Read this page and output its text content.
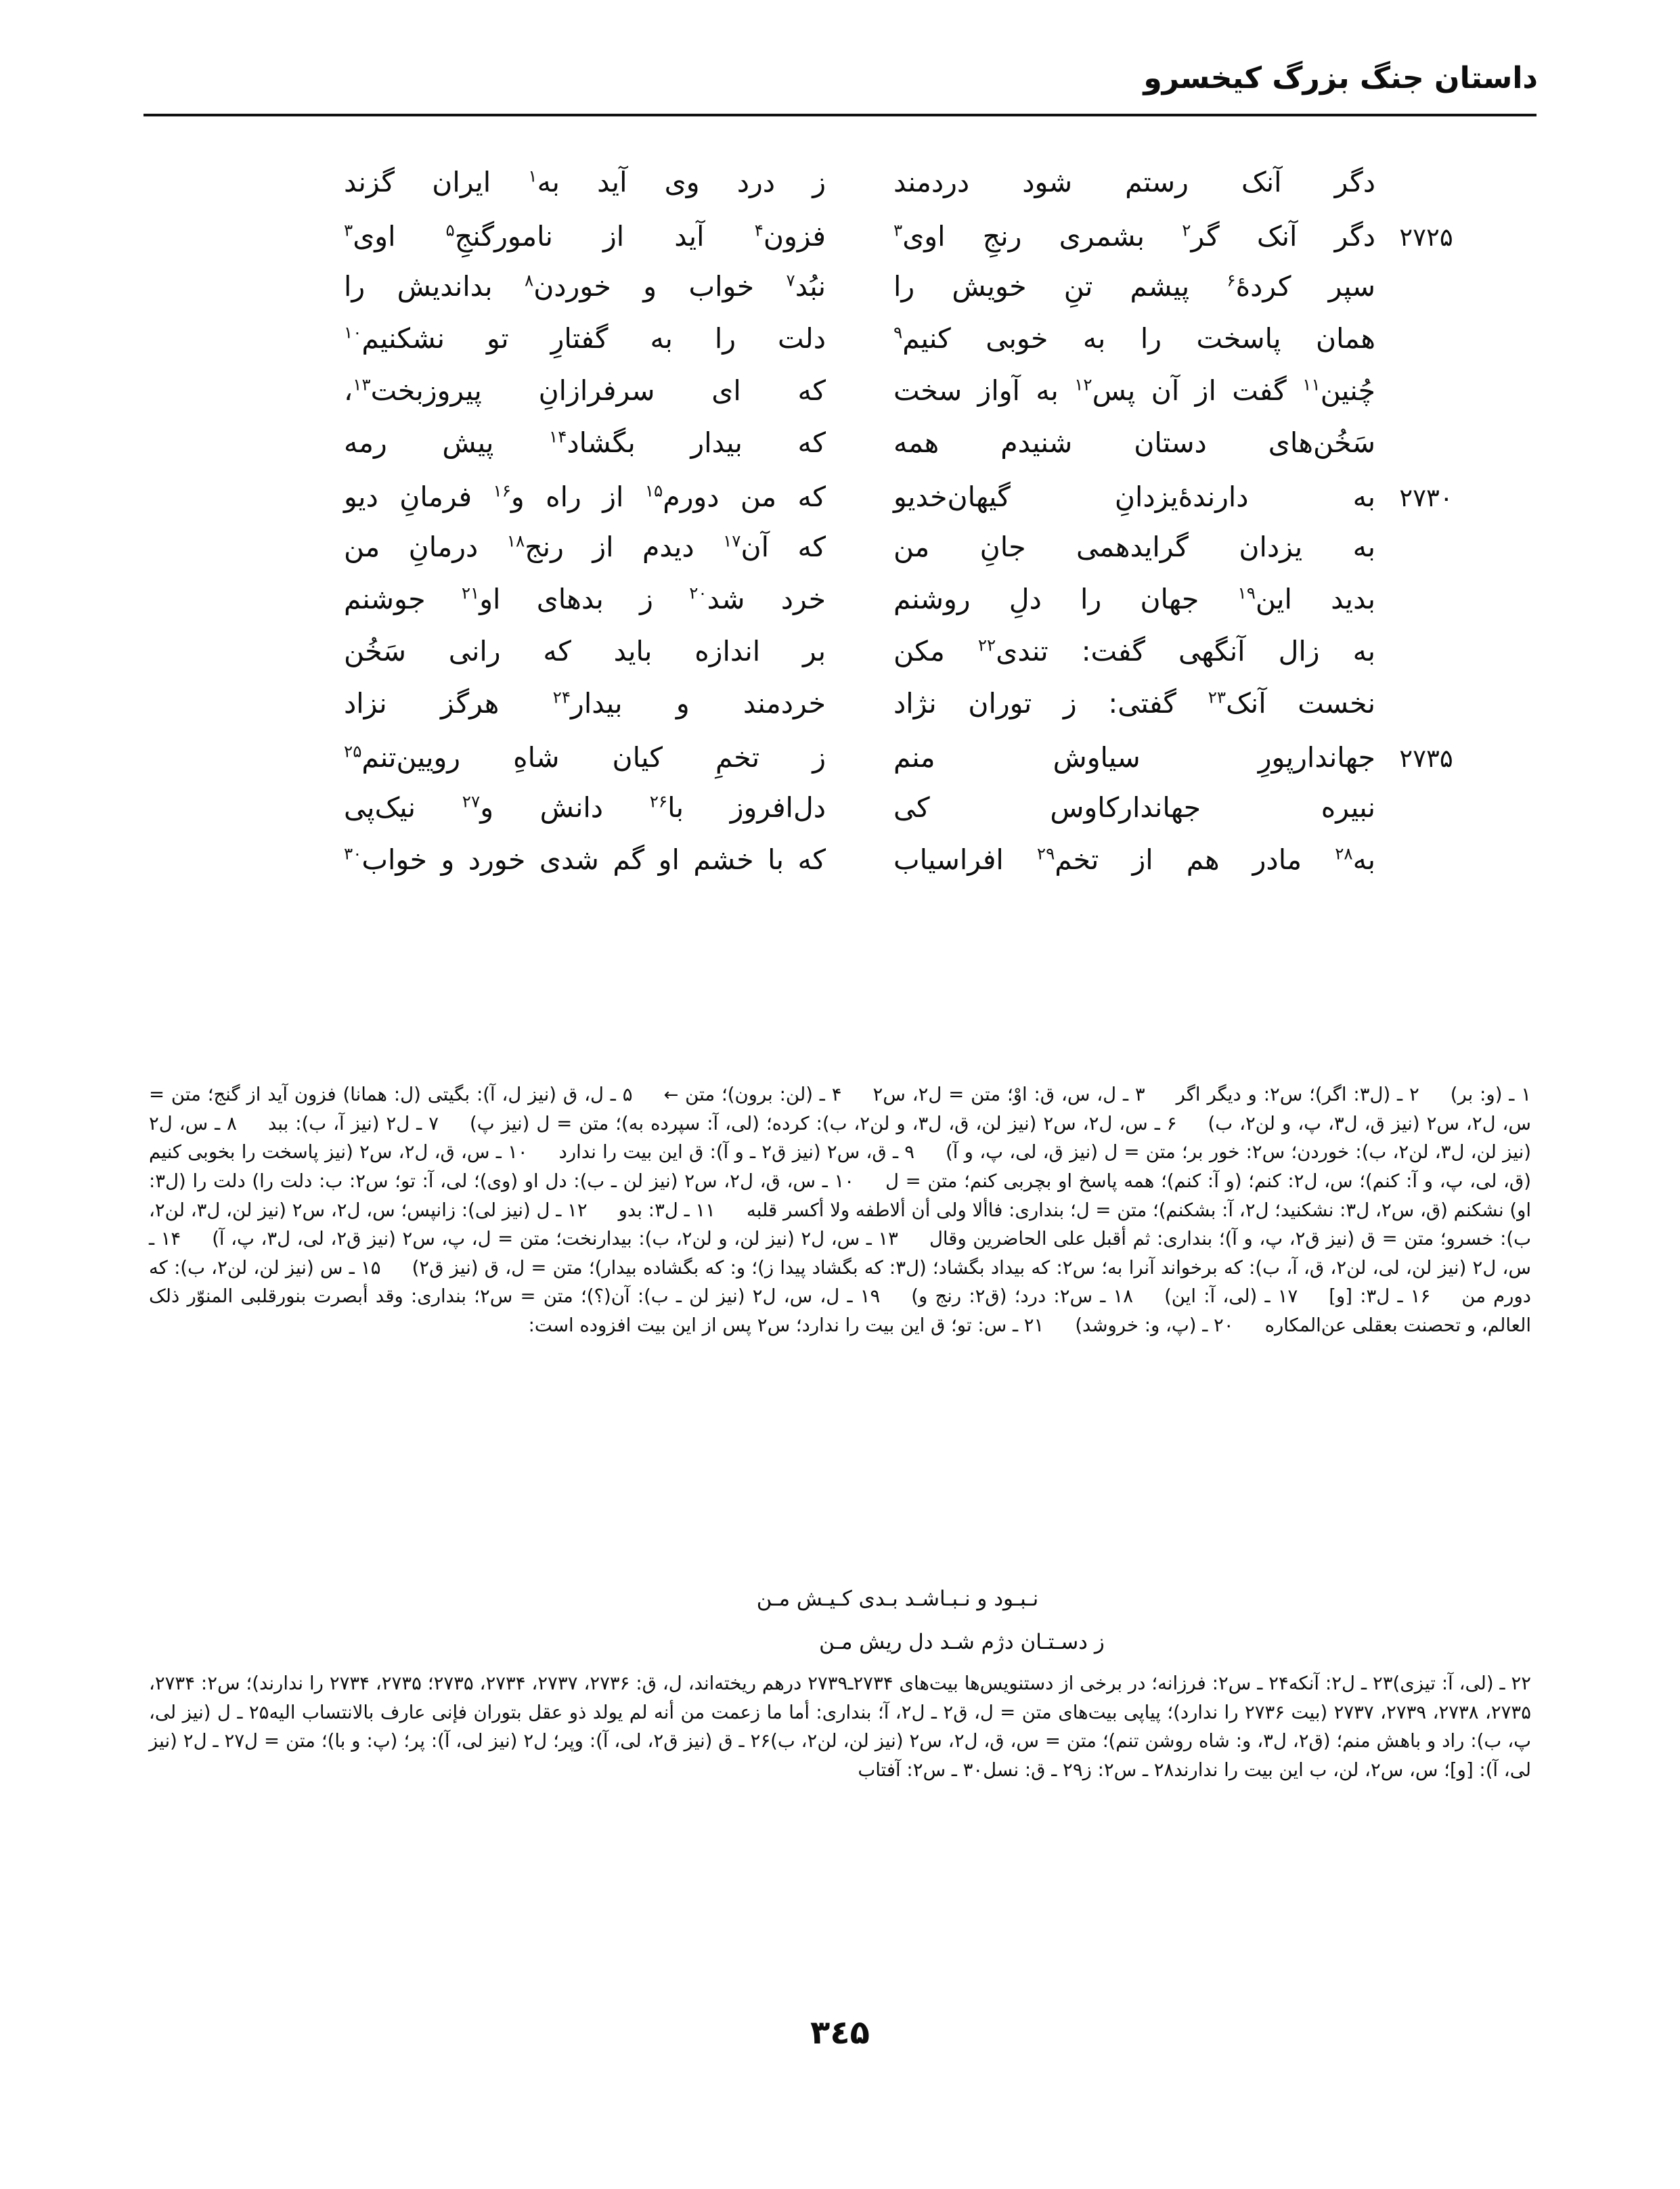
داستان جنگ بزرگ کیخسرو
دگر آنک رستم شود دردمند
ز درد وی آید به$^۱$ ایران گزند
۲۷۲۵
دگر آنک گر$^۲$ بشمری رنجِ اوی$^۳$
فزون$^۴$ آید از نامورگنجِ$^۵$ اوی$^۳$
سپر کردۀ$^۶$ پیشم تنِ خویش را
نبُد$^۷$ خواب و خوردن$^۸$ بداندیش را
همان پاسخت را به خوبی کنیم$^۹$
دلت را به گفتارِ تو نشکنیم$^{۱۰}$
چُنین$^{۱۱}$ گفت از آن پس$^{۱۲}$ به آواز سخت
که ای سرفرازانِ پیروزبخت$^{۱۳}$،
سَخُن‌های دستان شنیدم همه
که بیدار بگشاد$^{۱۴}$ پیش رمه
۲۷۳۰
به دارندهٔ‌یزدانِ گیهان‌خدیو
که من دورم$^{۱۵}$ از راه و$^{۱۶}$ فرمانِ دیو
به یزدان گرایدهمی جانِ من
که آن$^{۱۷}$ دیدم از رنج$^{۱۸}$ درمانِ من
بدید این$^{۱۹}$ جهان را دلِ روشنم
خرد شد$^{۲۰}$ ز بدهای او$^{۲۱}$ جوشنم
به زال آنگهی گفت: تندی$^{۲۲}$ مکن
بر اندازه باید که رانی سَخُن
نخست آنک$^{۲۳}$ گفتی: ز توران نژاد
خردمند و بیدار$^{۲۴}$ هرگز نزاد
۲۷۳۵
جهاندارپورِ سیاوش منم
ز تخمِ کیان شاهِ رویین‌تنم$^{۲۵}$
نبیره جهاندارکاوس کی
دل‌افروز با$^{۲۶}$ دانش و$^{۲۷}$ نیک‌پی
به$^{۲۸}$ مادر هم از تخم$^{۲۹}$ افراسیاب
که با خشم او گم شدی خورد و خواب$^{۳۰}$

۱ ـ (و: بر)۲ ـ (ل۳: اگر)؛ س۲: و دیگر اگر۳ ـ ل، س، ق: اوْ؛ متن = ل۲، س۲۴ ـ (لن: برون)؛ متن ←۵ ـ ل، ق (نیز ل، آ): بگیتی (ل: همانا) فزون آید از گنج؛ متن = س، ل۲، س۲ (نیز ق، ل۳، پ، و لن۲، ب)۶ ـ س، ل۲، س۲ (نیز لن، ق، ل۳، و لن۲، ب): کرده؛ (لی، آ: سپرده به)؛ متن = ل (نیز پ)۷ ـ ل۲ (نیز آ، ب): ببد۸ ـ س، ل۲ (نیز لن، ل۳، لن۲، ب): خوردن؛ س۲: خور بر؛ متن = ل (نیز ق، لی، پ، و آ)۹ ـ ق، س۲ (نیز ق۲ ـ و آ): ق این بیت را ندارد۱۰ ـ س، ق، ل۲، س۲ (نیز پاسخت را بخوبی کنیم (ق، لی، پ، و آ: کنم)؛ س، ل۲: کنم؛ (و آ: کنم)؛ همه پاسخ او بچربی کنم؛ متن = ل۱۰ ـ س، ق، ل۲، س۲ (نیز لن ـ ب): دل او (وی)؛ لی، آ: تو؛ س۲: ب: دلت را) دلت را (ل۳: او) نشکنم (ق، س۲، ل۳: نشکنید؛ ل۲، آ: بشکنم)؛ متن = ل؛ بنداری: فاألا ولی أن ألاطفه ولا أکسر قلبه۱۱ ـ ل۳: بدو۱۲ ـ ل (نیز لی): زانپس؛ س، ل۲، س۲ (نیز لن، ل۳، لن۲، ب): خسرو؛ متن = ق (نیز ق۲، پ، و آ)؛ بنداری: ثم أقبل علی الحاضرین وقال۱۳ ـ س، ل۲ (نیز لن، و لن۲، ب): بیدارنخت؛ متن = ل، پ، س۲ (نیز ق۲، لی، ل۳، پ، آ)۱۴ ـ س، ل۲ (نیز لن، لی، لن۲، ق، آ، ب): که برخواند آنرا به؛ س۲: که بیداد بگشاد؛ (ل۳: که بگشاد پیدا ز)؛ و: که بگشاده بیدار)؛ متن = ل، ق (نیز ق۲)۱۵ ـ س (نیز لن، لن۲، ب): که دورم من۱۶ ـ ل۳: [و]۱۷ ـ (لی، آ: این)۱۸ ـ س۲: درد؛ (ق۲: رنج و)۱۹ ـ ل، س، ل۲ (نیز لن ـ ب): آن(؟)؛ متن = س۲؛ بنداری: وقد أبصرت بنورقلبی المنوّر ذلک العالم، و تحصنت بعقلی عن‌المکاره۲۰ ـ (پ، و: خروشد)۲۱ ـ س: تو؛ ق این بیت را ندارد؛ س۲ پس از این بیت افزوده است:

نـبـود و نـبـاشـد بـدی کـیـش مـن
ز دسـتـان دژم شـد دل ریش مـن

۲۲ ـ (لی، آ: تیزی)۲۳ ـ ل۲: آنکه۲۴ ـ س۲: فرزانه؛ در برخی از دستنویس‌ها بیت‌های ۲۷۳۴ـ۲۷۳۹ درهم ریخته‌اند، ل، ق: ۲۷۳۶، ۲۷۳۷، ۲۷۳۴، ۲۷۳۵؛ ۲۷۳۵، ۲۷۳۴ را ندارند)؛ س۲: ۲۷۳۴، ۲۷۳۵، ۲۷۳۸، ۲۷۳۹، ۲۷۳۷ (بیت ۲۷۳۶ را ندارد)؛ پیاپی بیت‌های متن = ل، ق۲ ـ ل۲، آ؛ بنداری: أما ما زعمت من أنه لم یولد ذو عقل بتوران فإنی عارف بالانتساب الیه۲۵ ـ ل (نیز لی، پ، ب): راد و باهش منم؛ (ق۲، ل۳، و: شاه روشن تنم)؛ متن = س، ق، ل۲، س۲ (نیز لن، لن۲، ب)۲۶ ـ ق (نیز ق۲، لی، آ): وپر؛ ل۲ (نیز لی، آ): پر؛ (پ: و با)؛ متن = ل۲۷ ـ ل۲ (نیز لی، آ): [و]؛ س، س۲، لن، ب این بیت را ندارند۲۸ ـ س۲: ز۲۹ ـ ق: نسل۳۰ ـ س۲: آفتاب

۳٤۵
